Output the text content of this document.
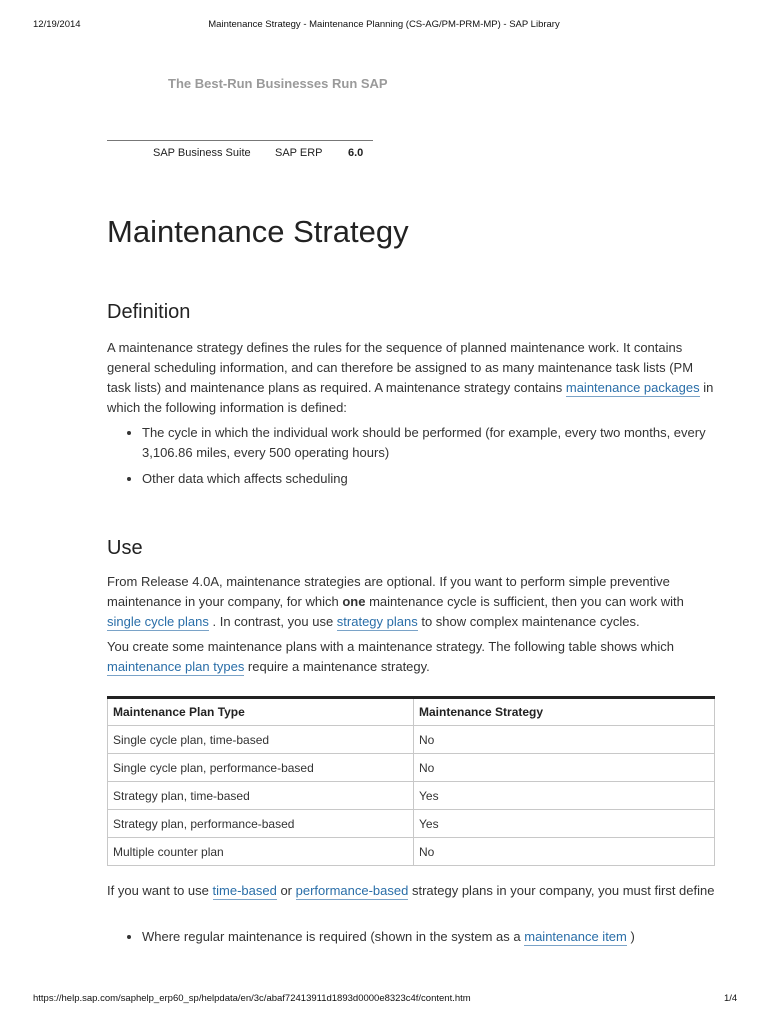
12/19/2014	Maintenance Strategy - Maintenance Planning (CS-AG/PM-PRM-MP) - SAP Library
The Best-Run Businesses Run SAP
SAP Business Suite SAP ERP 6.0
Maintenance Strategy
Definition

A maintenance strategy defines the rules for the sequence of planned maintenance work. It contains general scheduling information, and can therefore be assigned to as many maintenance task lists (PM task lists) and maintenance plans as required. A maintenance strategy contains maintenance packages in which the following information is defined:

• The cycle in which the individual work should be performed (for example, every two months, every 3,106.86 miles, every 500 operating hours)
• Other data which affects scheduling
Use

From Release 4.0A, maintenance strategies are optional. If you want to perform simple preventive maintenance in your company, for which one maintenance cycle is sufficient, then you can work with single cycle plans . In contrast, you use strategy plans to show complex maintenance cycles.

You create some maintenance plans with a maintenance strategy. The following table shows which maintenance plan types require a maintenance strategy.

Maintenance Plan Type	Maintenance Strategy
Single cycle plan, time-based	No
Single cycle plan, performance-based	No
Strategy plan, time-based	Yes
Strategy plan, performance-based	Yes
Multiple counter plan	No

If you want to use time-based or performance-based strategy plans in your company, you must first define

• Where regular maintenance is required (shown in the system as a maintenance item )
https://help.sap.com/saphelp_erp60_sp/helpdata/en/3c/abaf72413911d1893d0000e8323c4f/content.htm	1/4
